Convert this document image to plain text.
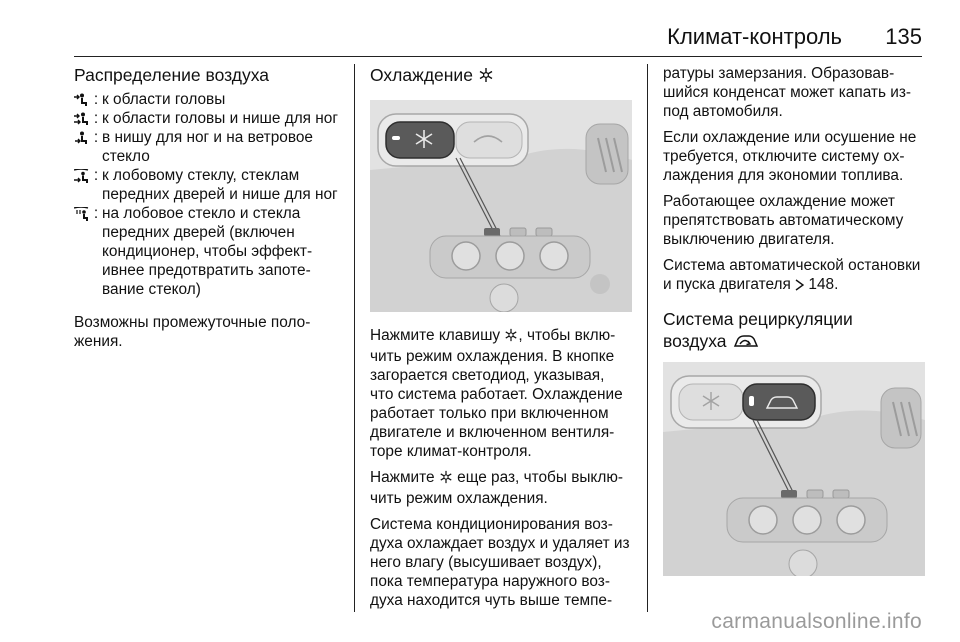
Климат-контроль 135
Распределение воздуха
: к области головы
: к области головы и нише для ног
: в нишу для ног и на ветровое стекло
: к лобовому стеклу, стеклам передних дверей и нише для ног
: на лобовое стекло и стекла передних дверей (включен кондиционер, чтобы эффективнее предотвратить запотевание стекол)

Возможны промежуточные положения.

Охлаждение

Нажмите клавишу , чтобы включить режим охлаждения. В кнопке загорается светодиод, указывая, что система работает. Охлаждение работает только при включенном двигателе и включенном вентиляторе климат-контроля.

Нажмите  еще раз, чтобы выключить режим охлаждения.

Система кондиционирования воздуха охлаждает воздух и удаляет из него влагу (высушивает воздух), пока температура наружного воздуха находится чуть выше темпе-

ратуры замерзания. Образовавшийся конденсат может капать из-под автомобиля.

Если охлаждение или осушение не требуется, отключите систему охлаждения для экономии топлива.

Работающее охлаждение может препятствовать автоматическому выключению двигателя.

Система автоматической остановки и пуска двигателя  148.

Система рециркуляции
воздуха
carmanualsonline.info
